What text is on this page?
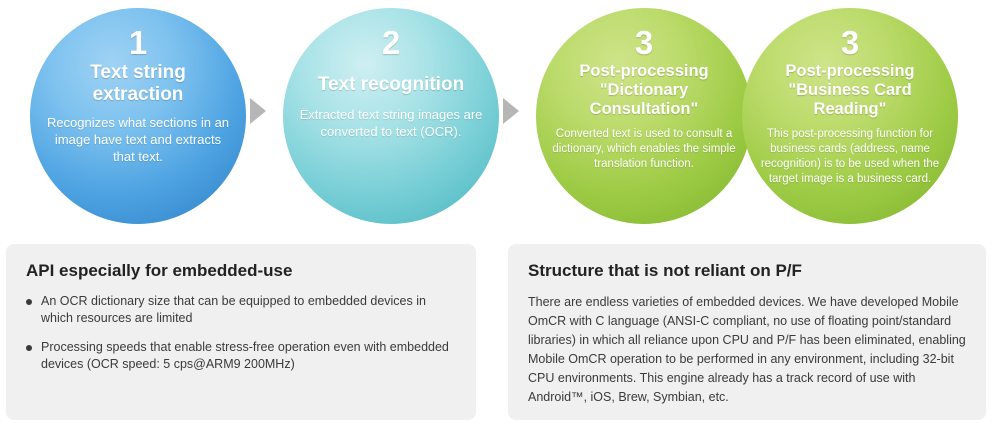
1
Text string extraction
Recognizes what sections in an image have text and extracts that text.
2
Text recognition
Extracted text string images are converted to text (OCR).
3
Post-processing "Dictionary Consultation"
Converted text is used to consult a dictionary, which enables the simple translation function.
3
Post-processing "Business Card Reading"
This post-processing function for business cards (address, name recognition) is to be used when the target image is a business card.
API especially for embedded-use
An OCR dictionary size that can be equipped to embedded devices in which resources are limited
Processing speeds that enable stress-free operation even with embedded devices (OCR speed: 5 cps@ARM9 200MHz)
Structure that is not reliant on P/F

There are endless varieties of embedded devices. We have developed Mobile OmCR with C language (ANSI-C compliant, no use of floating point/standard libraries) in which all reliance upon CPU and P/F has been eliminated, enabling Mobile OmCR operation to be performed in any environment, including 32-bit CPU environments. This engine already has a track record of use with Android™, iOS, Brew, Symbian, etc.
